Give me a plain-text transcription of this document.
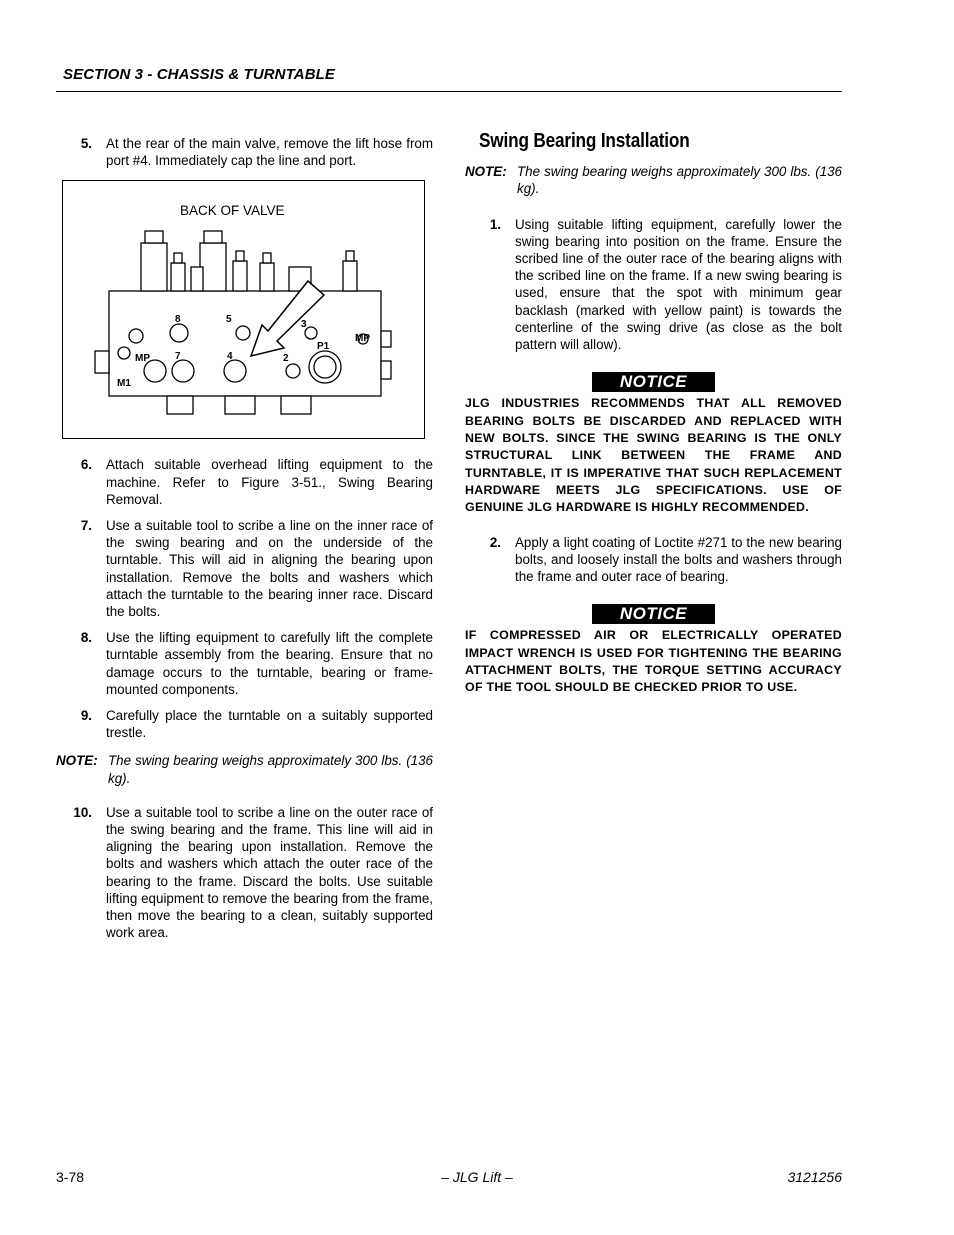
SECTION 3 - CHASSIS & TURNTABLE
5. At the rear of the main valve, remove the lift hose from port #4. Immediately cap the line and port.
8	5	3
7	4	2
P1
MP
MP
M1
BACK OF VALVE
6. Attach suitable overhead lifting equipment to the machine. Refer to Figure 3-51., Swing Bearing Removal.
7. Use a suitable tool to scribe a line on the inner race of the swing bearing and on the underside of the turntable. This will aid in aligning the bearing upon installation. Remove the bolts and washers which attach the turntable to the bearing inner race. Discard the bolts.
8. Use the lifting equipment to carefully lift the complete turntable assembly from the bearing. Ensure that no damage occurs to the turntable, bearing or frame-mounted components.
9. Carefully place the turntable on a suitably supported trestle.
NOTE: The swing bearing weighs approximately 300 lbs. (136 kg).
10. Use a suitable tool to scribe a line on the outer race of the swing bearing and the frame. This line will aid in aligning the bearing upon installation. Remove the bolts and washers which attach the outer race of the bearing to the frame. Discard the bolts. Use suitable lifting equipment to remove the bearing from the frame, then move the bearing to a clean, suitably supported work area.
Swing Bearing Installation
NOTE: The swing bearing weighs approximately 300 lbs. (136 kg).
1. Using suitable lifting equipment, carefully lower the swing bearing into position on the frame. Ensure the scribed line of the outer race of the bearing aligns with the scribed line on the frame. If a new swing bearing is used, ensure that the spot with minimum gear backlash (marked with yellow paint) is towards the centerline of the swing drive (as close as the bolt pattern will allow).
NOTICE
JLG INDUSTRIES RECOMMENDS THAT ALL REMOVED BEARING BOLTS BE DISCARDED AND REPLACED WITH NEW BOLTS. SINCE THE SWING BEARING IS THE ONLY STRUCTURAL LINK BETWEEN THE FRAME AND TURNTABLE, IT IS IMPERATIVE THAT SUCH REPLACEMENT HARDWARE MEETS JLG SPECIFICATIONS. USE OF GENUINE JLG HARDWARE IS HIGHLY RECOMMENDED.
2. Apply a light coating of Loctite #271 to the new bearing bolts, and loosely install the bolts and washers through the frame and outer race of bearing.
NOTICE
IF COMPRESSED AIR OR ELECTRICALLY OPERATED IMPACT WRENCH IS USED FOR TIGHTENING THE BEARING ATTACHMENT BOLTS, THE TORQUE SETTING ACCURACY OF THE TOOL SHOULD BE CHECKED PRIOR TO USE.
3-78	– JLG Lift –	3121256
